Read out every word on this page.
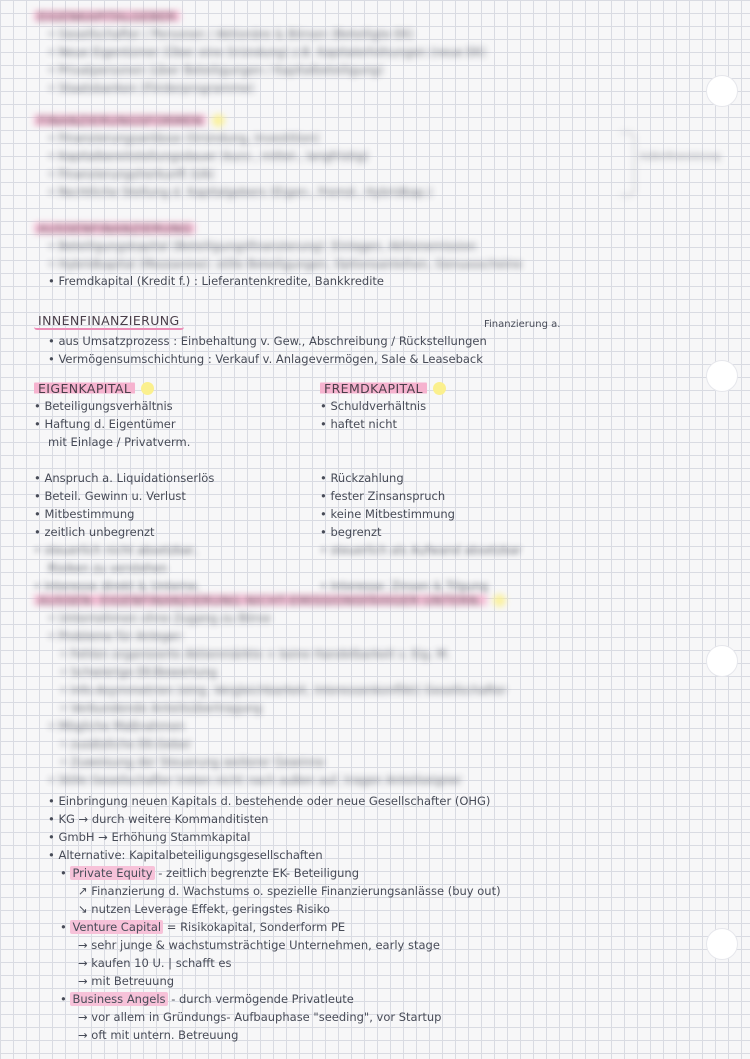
EIGENKAPITALGEBER
• Gesellschafter / Personen / Aktionäre & Börsen (Beteiligte EK)
• Neue Eigentümer (Über eine Gründung) z.B. Kapitalerhöhungen (neue EK)
• Privatpersonen (über Beteiligungen / Kapitalbeteiligung)
• Staatsbanken (Förderprogramme)
FINANZIERUNGSFORMEN
• Finanzierungsanlässe (Gründung, Investition)
• Kapitalbereitstellungsdauer (kurz-, mittel-, langfristig)
• Finanzierungsherkunft (I/A)
• Rechtliche Stellung d. Kapitalgebers (Eigen-, Fremd-, Hybridkap.)
Außenfinanzierung
AUSSENFINANZIERUNG
• Beteiligungskapital (Beteiligungsfinanzierung): Einlagen, Aktienemission
• Hybridkapital (Mezzanine): stille Beteiligungen, Optionsanleihen, Genussscheine
• Fremdkapital (Kredit f.) : Lieferantenkredite, Bankkredite
INNENFINANZIERUNG	Finanzierung a.
• aus Umsatzprozess : Einbehaltung v. Gew., Abschreibung / Rückstellungen
• Vermögensumschichtung : Verkauf v. Anlagevermögen, Sale & Leaseback
EIGENKAPITAL
• Beteiligungsverhältnis
• Haftung d. Eigentümer
mit Einlage / Privatverm.

• Anspruch a. Liquidationserlös
• Beteil. Gewinn u. Verlust
• Mitbestimmung
• zeitlich unbegrenzt
• steuerlich nicht absetzbar,
Risiken zu verstehen
• Interesse direkt & Unterne.
FREMDKAPITAL
• Schuldverhältnis
• haftet nicht

• Rückzahlung
• fester Zinsanspruch
• keine Mitbestimmung
• begrenzt
• steuerlich als Aufwand absetzbar

• Interesse: Zinsen & Tilgung
AUSSEN- EIGENFINANZIERUNG NICHT-EMISSIONSFÄHIGER UNTERN.
• Unternehmen ohne Zugang zu Börse
• Probleme für Anleger:
• Fehlen organisierte Aktienmärkte + keine Handelbarkeit v. Eig. M.
• Schwierige EK-Bewertung
• Info-Asymmetrien (eing. Vergleichbarkeit, Interessenkonflikt) Gesellschafter
• Verbundende Anteilsübertragung
• Mögliche Maßnahmen
• zusätzliche EK-Geber
• Zuweisung der Steuerung weiterer Gewinne
• Stille Gesellschafter treten nicht nach außen auf, tragen Anteilseigner
• Einbringung neuen Kapitals d. bestehende oder neue Gesellschafter (OHG)
• KG → durch weitere Kommanditisten
• GmbH → Erhöhung Stammkapital
• Alternative: Kapitalbeteiligungsgesellschaften
• Private Equity - zeitlich begrenzte EK- Beteiligung
↗ Finanzierung d. Wachstums o. spezielle Finanzierungsanlässe (buy out)
↘ nutzen Leverage Effekt, geringstes Risiko
• Venture Capital = Risikokapital, Sonderform PE
→ sehr junge & wachstumsträchtige Unternehmen, early stage
→ kaufen 10 U. | schafft es
→ mit Betreuung
• Business Angels - durch vermögende Privatleute
→ vor allem in Gründungs- Aufbauphase "seeding", vor Startup
→ oft mit untern. Betreuung
